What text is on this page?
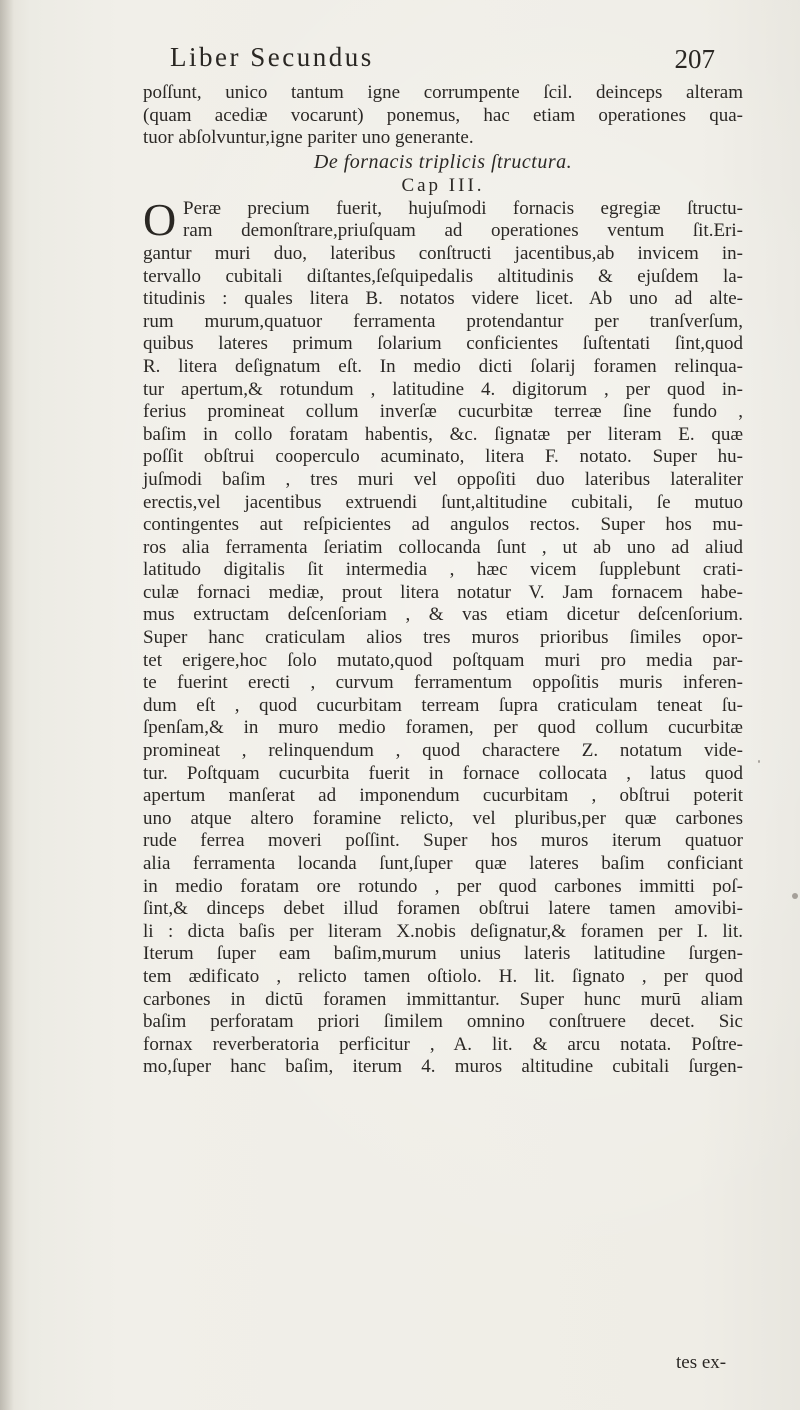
Liber Secundus	207
poſſunt, unico tantum igne corrumpente ſcil. deinceps alteram
(quam acediæ vocarunt) ponemus, hac etiam operationes qua-
tuor abſolvuntur,igne pariter uno generante.
De fornacis triplicis ſtructura.
Cap III.
O Peræ precium fuerit, hujuſmodi fornacis egregiæ ſtructu-
ram demonſtrare,priuſquam ad operationes ventum ſit.Eri-
gantur muri duo, lateribus conſtructi jacentibus,ab invicem in-
tervallo cubitali diſtantes,ſeſquipedalis altitudinis & ejuſdem la-
titudinis : quales litera B. notatos videre licet. Ab uno ad alte-
rum murum,quatuor ferramenta protendantur per tranſverſum,
quibus lateres primum ſolarium conficientes ſuſtentati ſint,quod
R. litera deſignatum eſt. In medio dicti ſolarij foramen relinqua-
tur apertum,& rotundum , latitudine 4. digitorum , per quod in-
ferius promineat collum inverſæ cucurbitæ terreæ ſine fundo ,
baſim in collo foratam habentis, &c. ſignatæ per literam E. quæ
poſſit obſtrui cooperculo acuminato, litera F. notato. Super hu-
juſmodi baſim , tres muri vel oppoſiti duo lateribus lateraliter
erectis,vel jacentibus extruendi ſunt,altitudine cubitali, ſe mutuo
contingentes aut reſpicientes ad angulos rectos. Super hos mu-
ros alia ferramenta ſeriatim collocanda ſunt , ut ab uno ad aliud
latitudo digitalis ſit intermedia , hæc vicem ſupplebunt crati-
culæ fornaci mediæ, prout litera notatur V. Jam fornacem habe-
mus extructam deſcenſoriam , & vas etiam dicetur deſcenſorium.
Super hanc craticulam alios tres muros prioribus ſimiles opor-
tet erigere,hoc ſolo mutato,quod poſtquam muri pro media par-
te fuerint erecti , curvum ferramentum oppoſitis muris inferen-
dum eſt , quod cucurbitam terream ſupra craticulam teneat ſu-
ſpenſam,& in muro medio foramen, per quod collum cucurbitæ
promineat , relinquendum , quod charactere Z. notatum vide-
tur. Poſtquam cucurbita fuerit in fornace collocata , latus quod
apertum manſerat ad imponendum cucurbitam , obſtrui poterit
uno atque altero foramine relicto, vel pluribus,per quæ carbones
rude ferrea moveri poſſint. Super hos muros iterum quatuor
alia ferramenta locanda ſunt,ſuper quæ lateres baſim conficiant
in medio foratam ore rotundo , per quod carbones immitti poſ-
ſint,& dinceps debet illud foramen obſtrui latere tamen amovibi-
li : dicta baſis per literam X.nobis deſignatur,& foramen per I. lit.
Iterum ſuper eam baſim,murum unius lateris latitudine ſurgen-
tem ædificato , relicto tamen oſtiolo. H. lit. ſignato , per quod
carbones in dictū foramen immittantur. Super hunc murū aliam
baſim perforatam priori ſimilem omnino conſtruere decet. Sic
fornax reverberatoria perficitur , A. lit. & arcu notata. Poſtre-
mo,ſuper hanc baſim, iterum 4. muros altitudine cubitali ſurgen-
tes ex-
